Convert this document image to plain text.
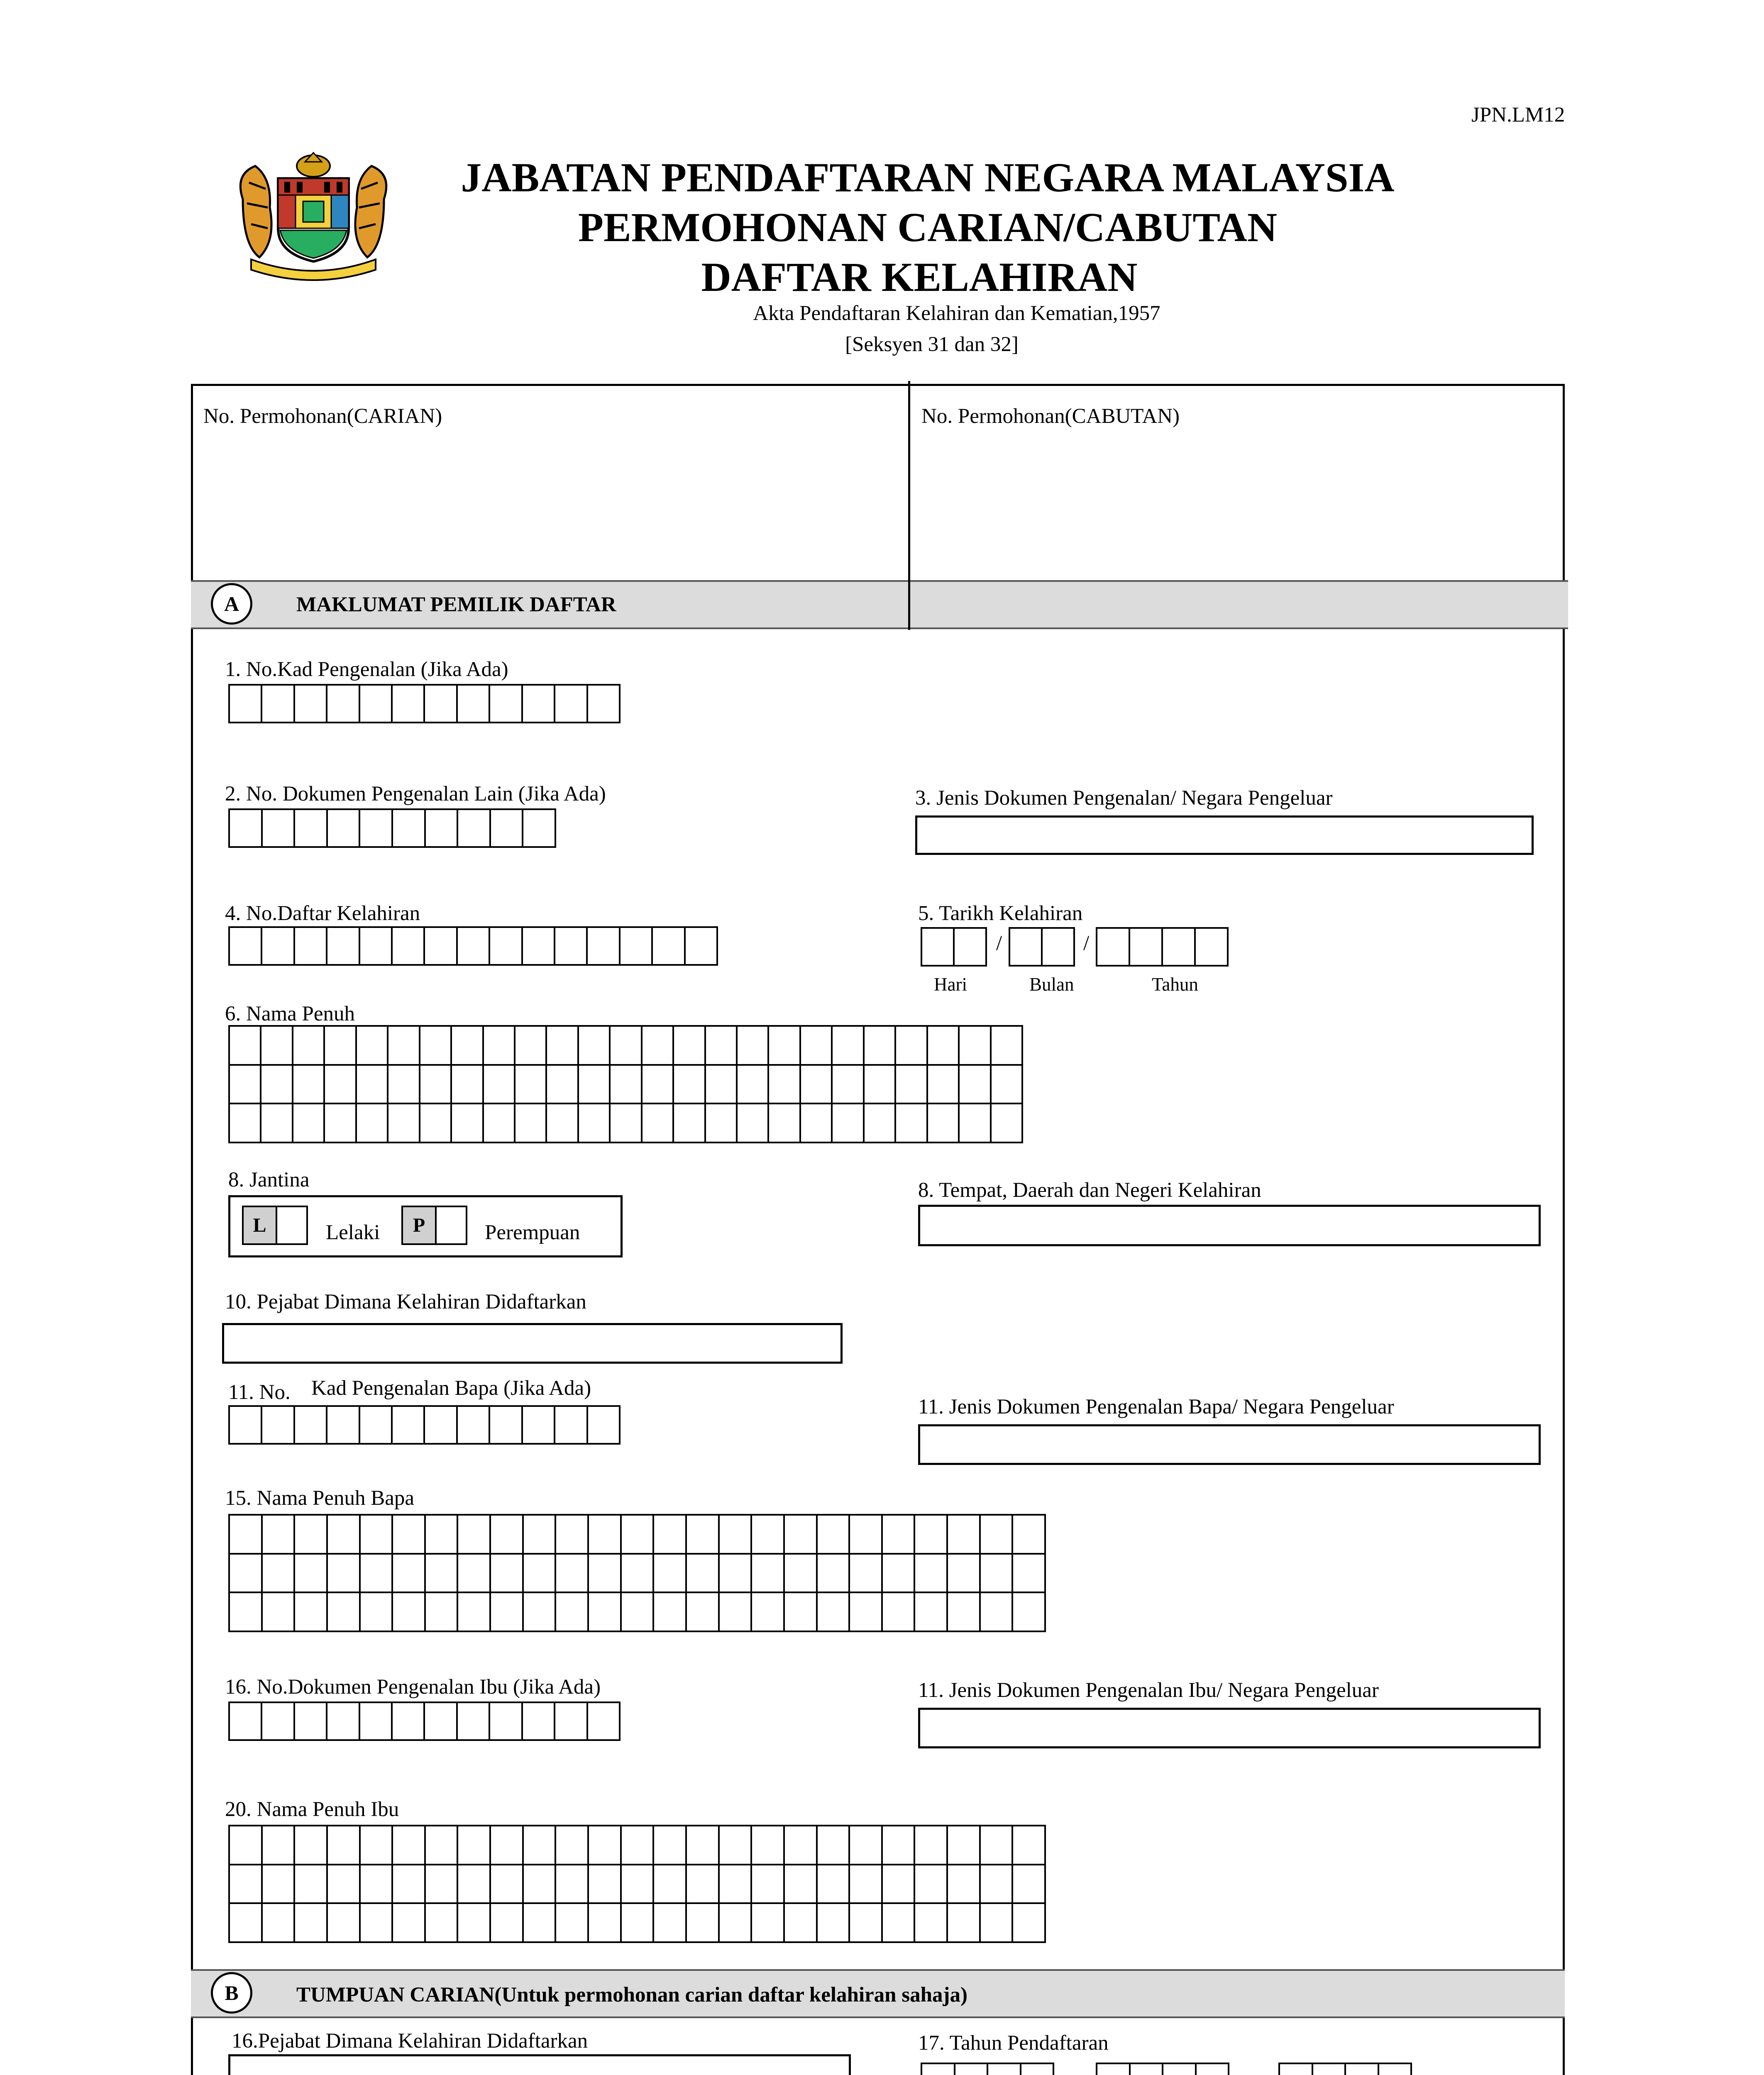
JPN.LM12
JABATAN PENDAFTARAN NEGARA MALAYSIA
PERMOHONAN CARIAN/CABUTAN
DAFTAR KELAHIRAN
Akta Pendaftaran Kelahiran dan Kematian,1957
[Seksyen 31 dan 32]
No. Permohonan(CARIAN)	No. Permohonan(CABUTAN)
A	MAKLUMAT PEMILIK DAFTAR
1. No.Kad Pengenalan (Jika Ada)
2. No. Dokumen Pengenalan Lain (Jika Ada)	3. Jenis Dokumen Pengenalan/ Negara Pengeluar
4. No.Daftar Kelahiran	5. Tarikh Kelahiran
/	/
Hari	Bulan	Tahun
6. Nama Penuh
8. Jantina
L	Lelaki	P	Perempuan
8. Tempat, Daerah dan Negeri Kelahiran
10. Pejabat Dimana Kelahiran Didaftarkan
11. No. Kad Pengenalan Bapa (Jika Ada)
11. Jenis Dokumen Pengenalan Bapa/ Negara Pengeluar
15. Nama Penuh Bapa
16. No.Dokumen Pengenalan Ibu (Jika Ada)	11. Jenis Dokumen Pengenalan Ibu/ Negara Pengeluar
20. Nama Penuh Ibu
B	TUMPUAN CARIAN(Untuk permohonan carian daftar kelahiran sahaja)
16.Pejabat Dimana Kelahiran Didaftarkan	17. Tahun Pendaftaran
